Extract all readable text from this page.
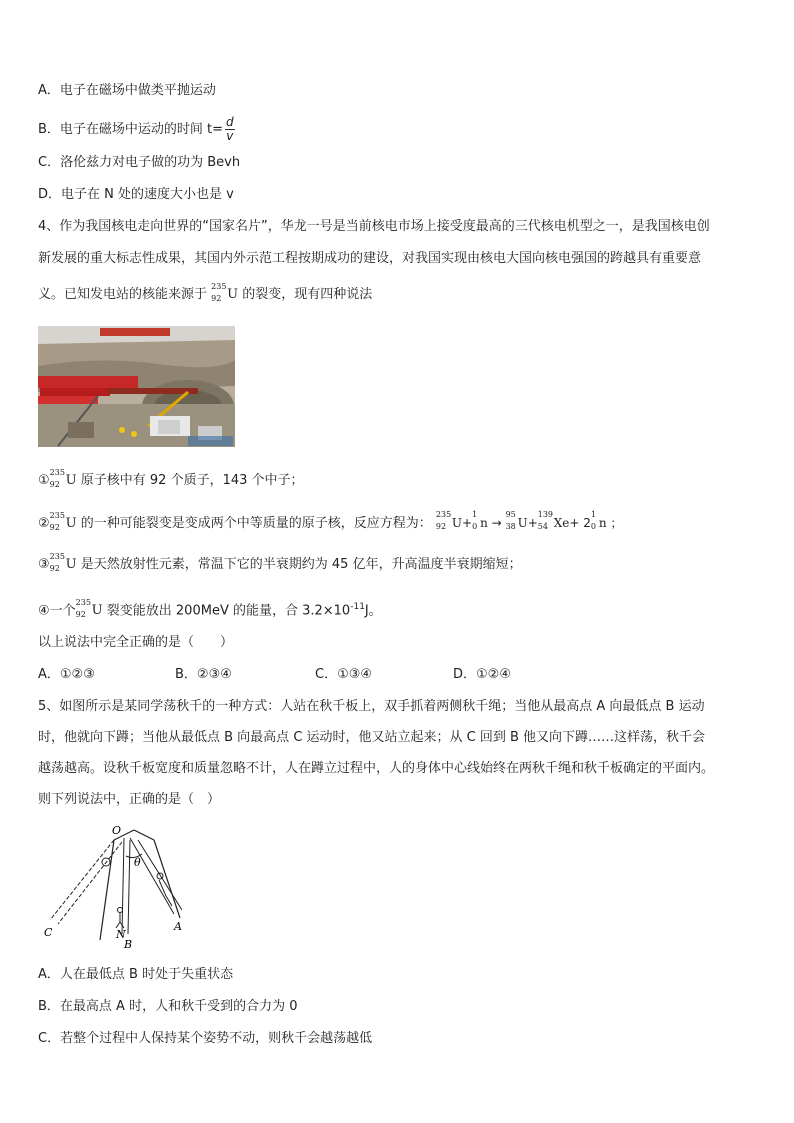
A．电子在磁场中做类平抛运动
B．电子在磁场中运动的时间 $t= \frac{d}{v}$
C．洛伦兹力对电子做的功为 Bevh
D．电子在 N 处的速度大小也是 v
4、作为我国核电走向世界的“国家名片”，华龙一号是当前核电市场上接受度最高的三代核电机型之一，是我国核电创
新发展的重大标志性成果，其国内外示范工程按期成功的建设，对我国实现由核电大国向核电强国的跨越具有重要意
义。已知发电站的核能来源于
235
92 U 的裂变，现有四种说法
①
235
92 U 原子核中有 92 个质子，143 个中子；
②
235
92 U 的一种可能裂变是变成两个中等质量的原子核，反应方程为：
235
92 U+
1
0 n →
95
38 U+
139
54 Xe+ 2
1
0 n ；
③
235
92 U 是天然放射性元素，常温下它的半衰期约为 45 亿年，升高温度半衰期缩短；
④一个
235
92 U 裂变能放出 200MeV 的能量，合 $3.2\times 10^{-11}J$。
以上说法中完全正确的是（　　）
A．①②③	B．②③④	C．①③④	D．①②④
5、如图所示是某同学荡秋千的一种方式：人站在秋千板上，双手抓着两侧秋千绳；当他从最高点 A 向最低点 B 运动
时，他就向下蹲；当他从最低点 B 向最高点 C 运动时，他又站立起来；从 C 回到 B 他又向下蹲……这样荡，秋千会
越荡越高。设秋千板宽度和质量忽略不计，人在蹲立过程中，人的身体中心线始终在两秋千绳和秋千板确定的平面内。
则下列说法中，正确的是（　）
O
θ
C	N
B
A
A．人在最低点 B 时处于失重状态
B．在最高点 A 时，人和秋千受到的合力为 0
C．若整个过程中人保持某个姿势不动，则秋千会越荡越低
